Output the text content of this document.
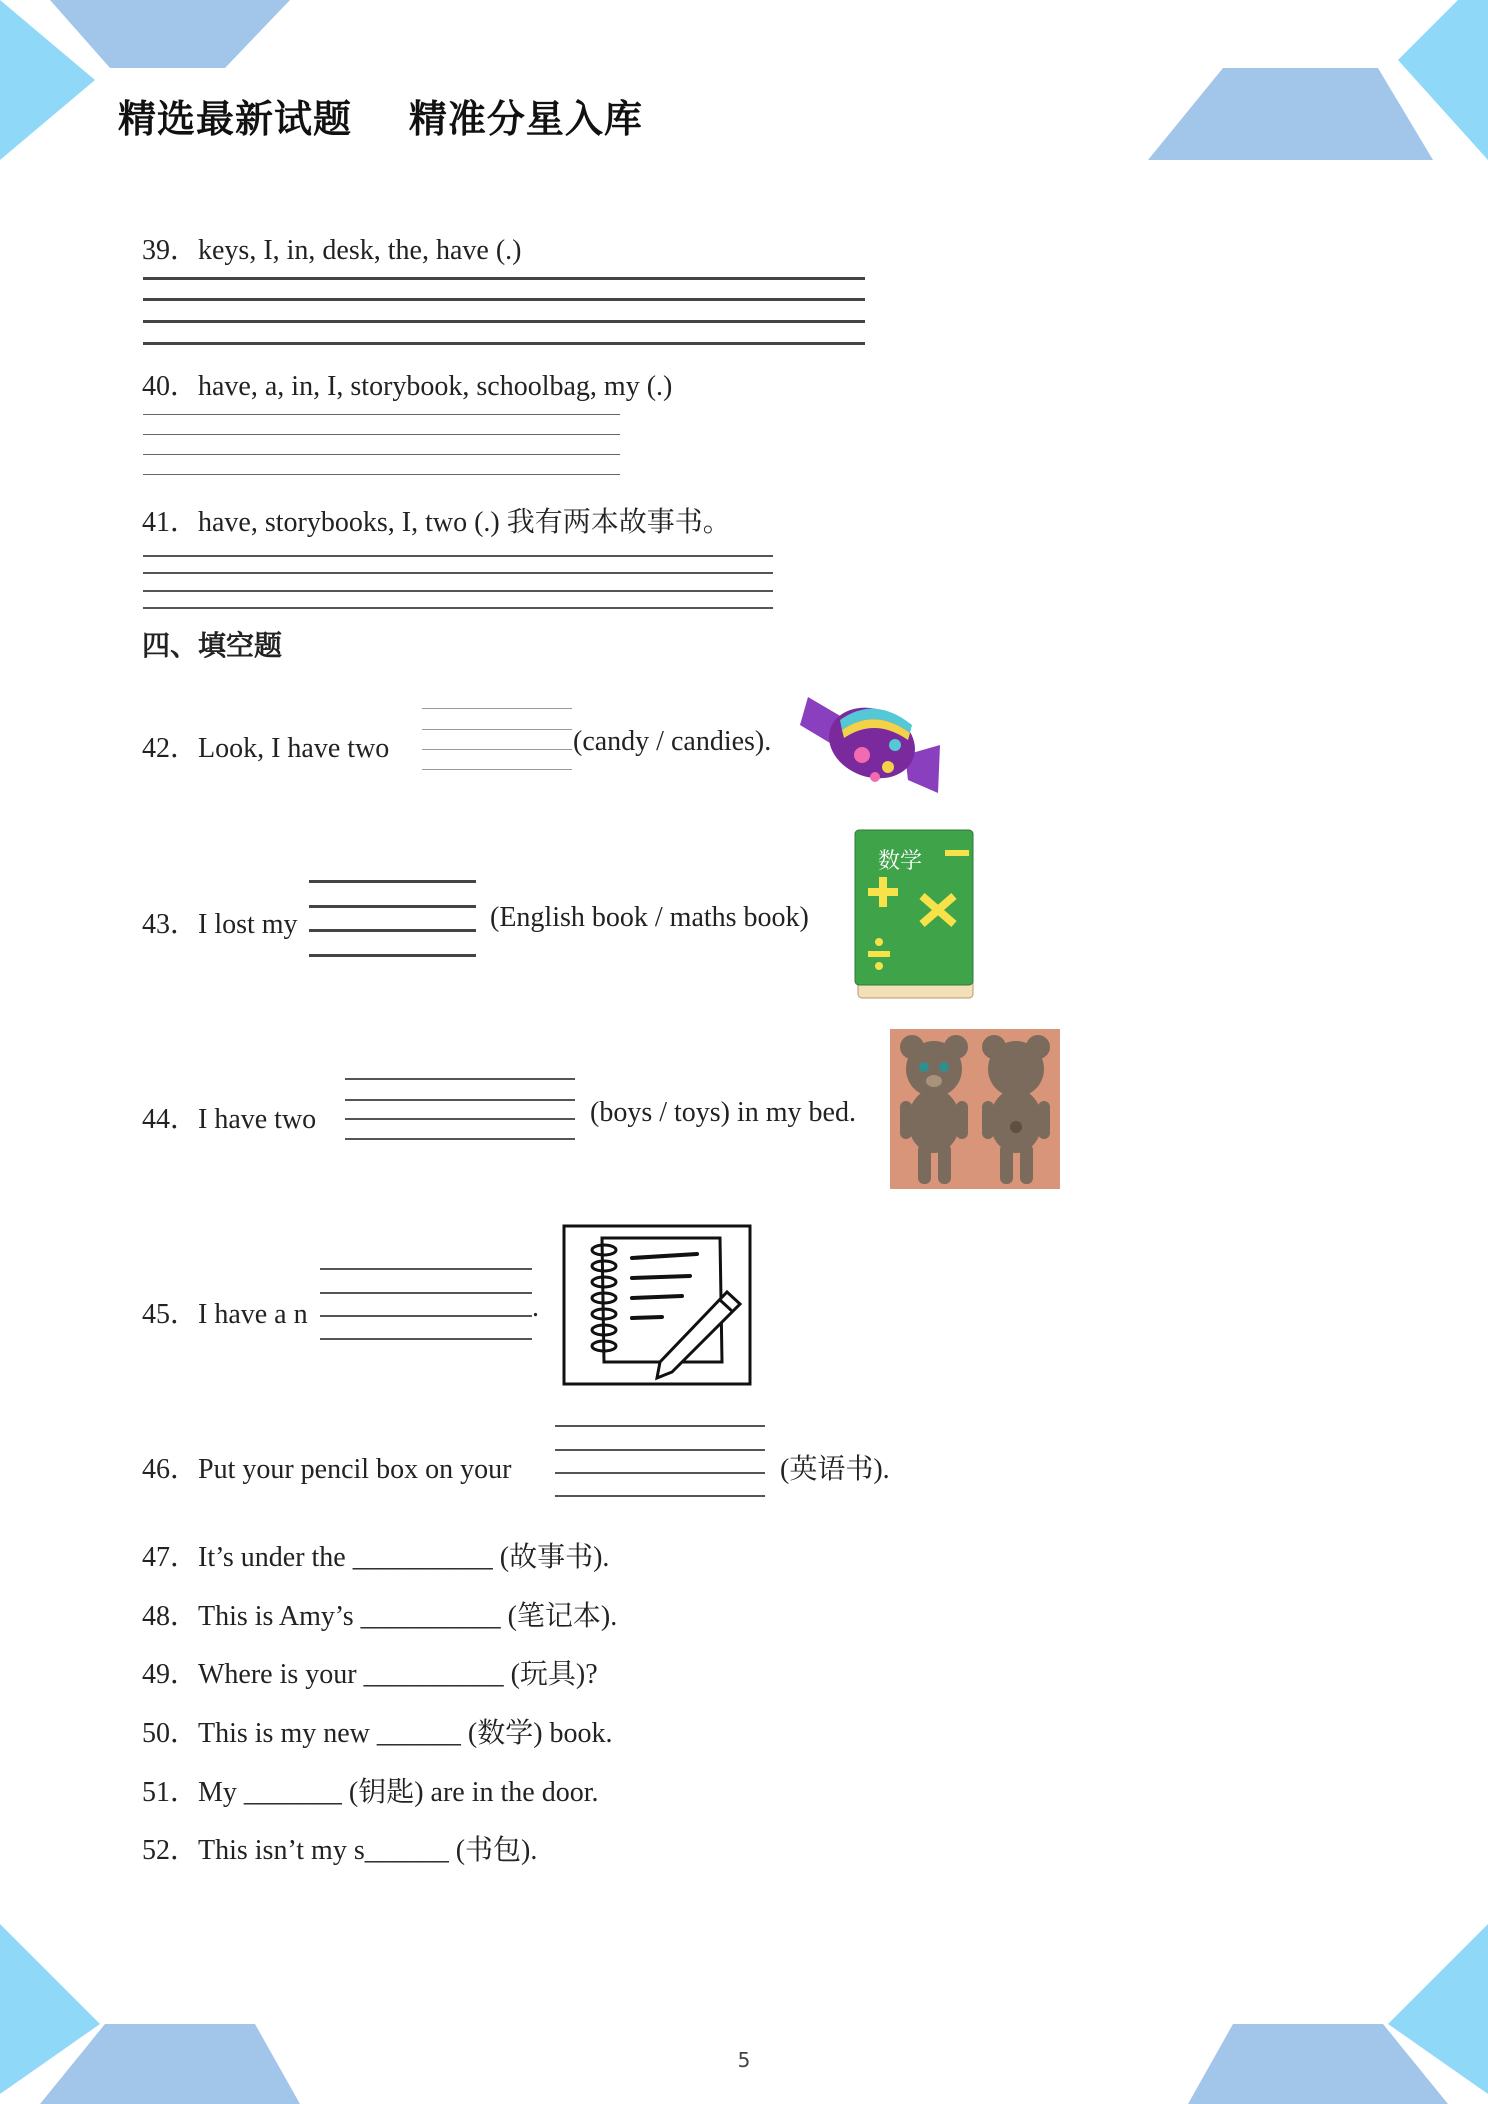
精选最新试题    精准分星入库
39．keys, I, in, desk, the, have (.)
40．have, a, in, I, storybook, schoolbag, my (.)
41．have, storybooks, I, two (.) 我有两本故事书。
四、填空题
42．Look, I have two	(candy / candies).
43．I lost my	(English book / maths book)
数学
44．I have two	(boys / toys) in my bed.
45．I have a n	.
46．Put your pencil box on your	(英语书).
47．It’s under the __________ (故事书).
48．This is Amy’s __________ (笔记本).
49．Where is your __________ (玩具)?
50．This is my new ______ (数学) book.
51．My _______ (钥匙) are in the door.
52．This isn’t my s______ (书包).
5
